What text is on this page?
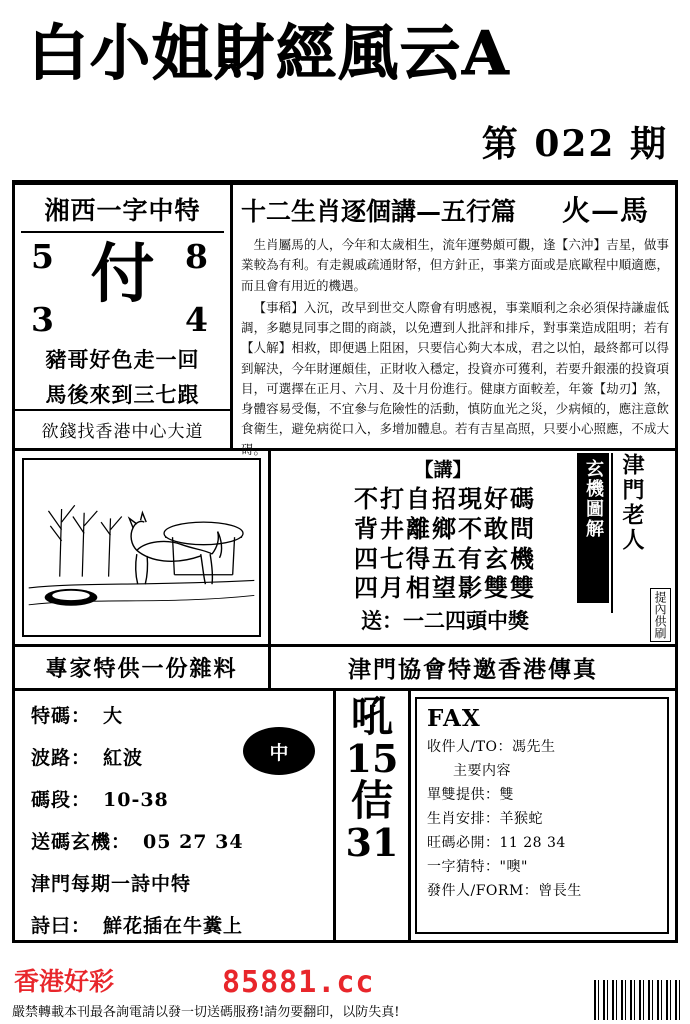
白小姐財經風云A
第 022 期
湘西一字中特
5	8
付
3	4
豬哥好色走一回
馬後來到三七跟
欲錢找香港中心大道
十二生肖逐個講—五行篇 火—馬

生肖屬馬的人，今年和太歲相生，流年運勢頗可觀，逢【六沖】吉星，做事業較為有利。有走親戚疏通財帑，但方針正，事業方面或是底歐程中順適應，而且會有用近的機遇。

【事稻】入沉，改早到世交人際會有明感視，事業順利之余必須保持謙虛低調，多聽見同事之間的商談，以免遭到人批評和排斥，對事業造成阻明；若有【人解】相救，即便遇上阻困，只要信心夠大本成，君之以怕，最終都可以得到解決，今年財運頗佳，正財收入穩定，投資亦可獲利，若要升銀漲的投資項目，可選擇在正月、六月、及十月份進行。健康方面較差，年簽【劫刃】煞，身體容易受傷，不宜參与危險性的活動，慎防血光之災，少病傾的，應注意飲食衛生，避免病從口入，多增加體息。若有吉星高照，只要小心照應，不成大碍。

【講】
不打自招現好碼
背井離鄉不敢問
四七得五有玄機
四月相望影雙雙
送：一二四頭中獎
玄機圖解 津門老人
提內供刷
專家特供一份雜料	津門協會特邀香港傳真
特碼： 大
波路： 紅波
碼段： 10-38
送碼玄機： 05 27 34
津門每期一詩中特
詩曰： 鮮花插在牛糞上
中
吼
15
佶
31
FAX
收件人/TO：馮先生
主要内容
單雙提供：雙
生肖安排：羊猴蛇
旺碼必開：11 28 34
一字猜特："噢"
發件人/FORM：曾長生
香港好彩	85881.cc
嚴禁轉載本刊最各詢電請以發一切送碼服務!請勿要翻印，以防失真!
